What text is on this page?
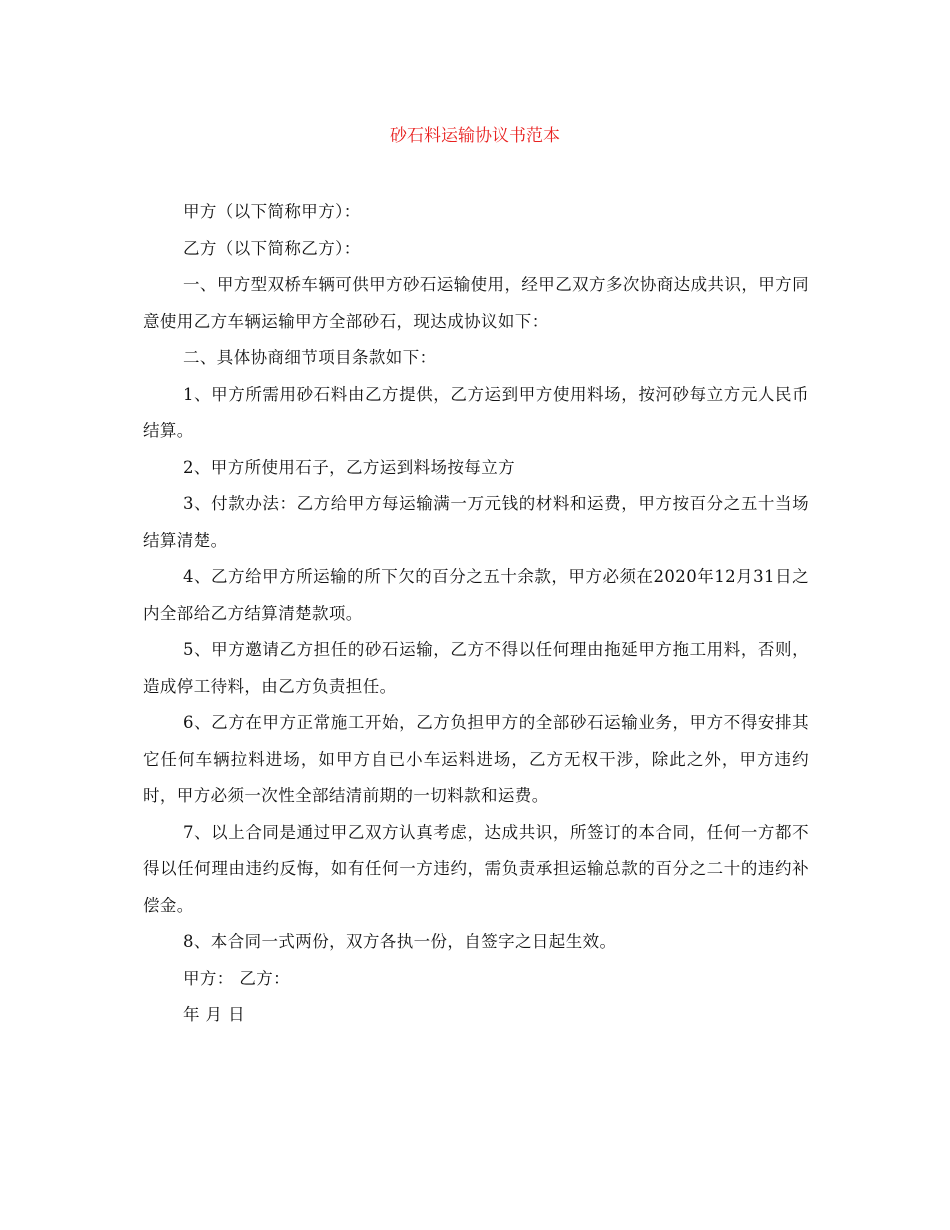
砂石料运输协议书范本

甲方（以下简称甲方）：

乙方（以下简称乙方）：

一、甲方型双桥车辆可供甲方砂石运输使用，经甲乙双方多次协商达成共识，甲方同意使用乙方车辆运输甲方全部砂石，现达成协议如下：

二、具体协商细节项目条款如下：

1、甲方所需用砂石料由乙方提供，乙方运到甲方使用料场，按河砂每立方元人民币结算。

2、甲方所使用石子，乙方运到料场按每立方

3、付款办法：乙方给甲方每运输满一万元钱的材料和运费，甲方按百分之五十当场结算清楚。

4、乙方给甲方所运输的所下欠的百分之五十余款，甲方必须在2020年12月31日之内全部给乙方结算清楚款项。

5、甲方邀请乙方担任的砂石运输，乙方不得以任何理由拖延甲方拖工用料，否则，造成停工待料，由乙方负责担任。

6、乙方在甲方正常施工开始，乙方负担甲方的全部砂石运输业务，甲方不得安排其它任何车辆拉料进场，如甲方自已小车运料进场，乙方无权干涉，除此之外，甲方违约时，甲方必须一次性全部结清前期的一切料款和运费。

7、以上合同是通过甲乙双方认真考虑，达成共识，所签订的本合同，任何一方都不得以任何理由违约反悔，如有任何一方违约，需负责承担运输总款的百分之二十的违约补偿金。

8、本合同一式两份，双方各执一份，自签字之日起生效。

甲方： 乙方：

年 月 日
